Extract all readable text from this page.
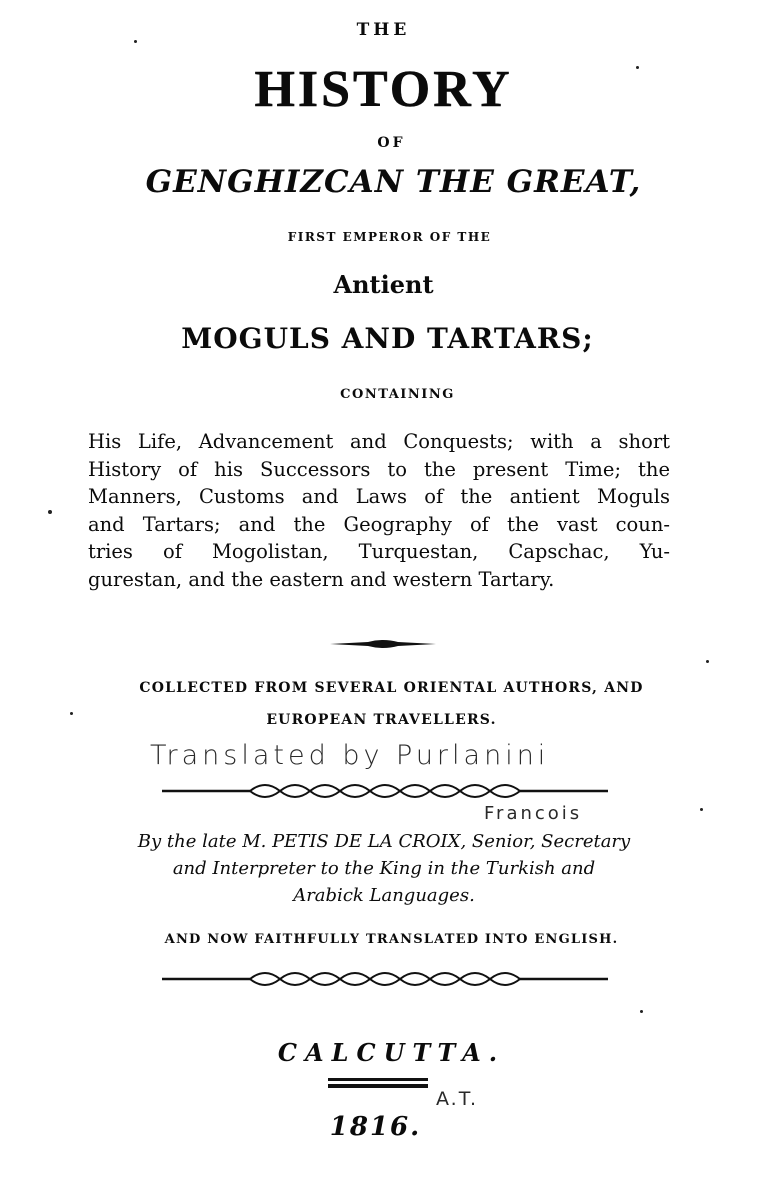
THE
HISTORY
OF
GENGHIZCAN THE GREAT,
FIRST EMPEROR OF THE
Antient
MOGULS AND TARTARS;
CONTAINING
His Life, Advancement and Conquests; with a short
History of his Successors to the present Time; the
Manners, Customs and Laws of the antient Moguls
and Tartars; and the Geography of the vast coun-
tries of Mogolistan, Turquestan, Capschac, Yu-
gurestan, and the eastern and western Tartary.
COLLECTED FROM SEVERAL ORIENTAL AUTHORS, AND
EUROPEAN TRAVELLERS.
Translated by Purlanini
Francois
By the late M. PETIS DE LA CROIX, Senior, Secretary
and Interpreter to the King in the Turkish and
Arabick Languages.
AND NOW FAITHFULLY TRANSLATED INTO ENGLISH.
CALCUTTA.
A.T.
1816.
